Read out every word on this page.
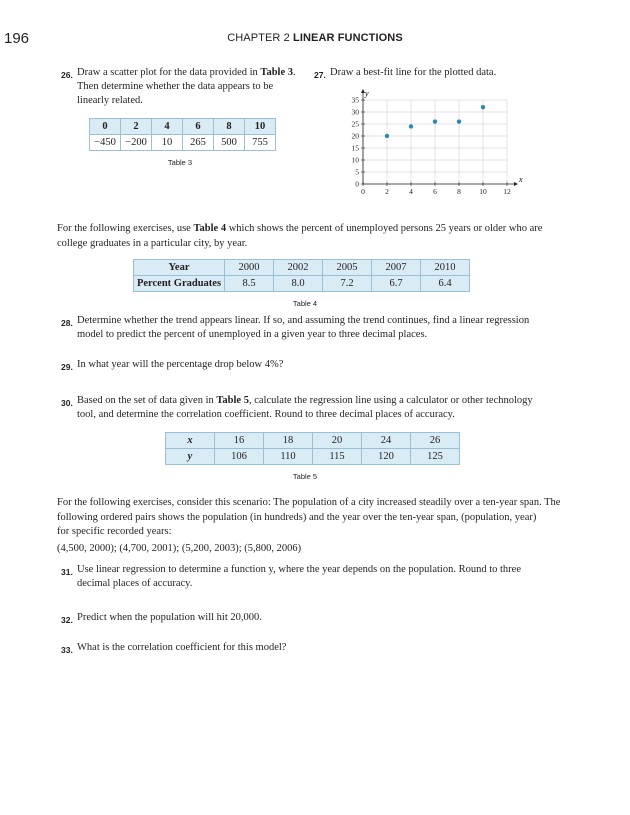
196	CHAPTER 2 LINEAR FUNCTIONS
26. Draw a scatter plot for the data provided in Table 3.
Then determine whether the data appears to be
linearly related.
0	2	4	6	8	10
−450	−200	10	265	500	755
Table 3
27. Draw a best-fit line for the plotted data.
0	2	4	6	8 10 12
0
5
10
15
20
25
30
35
x
y
For the following exercises, use Table 4 which shows the percent of unemployed persons 25 years or older who are
college graduates in a particular city, by year.
Year	2000	2002	2005	2007	2010
Percent Graduates	8.5	8.0	7.2	6.7	6.4
Table 4
28. Determine whether the trend appears linear. If so, and assuming the trend continues, find a linear regression
model to predict the percent of unemployed in a given year to three decimal places.
29. In what year will the percentage drop below 4%?
30. Based on the set of data given in Table 5, calculate the regression line using a calculator or other technology
tool, and determine the correlation coefficient. Round to three decimal places of accuracy.
x	16	18	20	24	26
y	106	110	115	120	125
Table 5
For the following exercises, consider this scenario: The population of a city increased steadily over a ten-year span. The
following ordered pairs shows the population (in hundreds) and the year over the ten-year span, (population, year)
for specific recorded years:
(4,500, 2000); (4,700, 2001); (5,200, 2003); (5,800, 2006)
31. Use linear regression to determine a function y, where the year depends on the population. Round to three
decimal places of accuracy.
32. Predict when the population will hit 20,000.
33. What is the correlation coefficient for this model?
